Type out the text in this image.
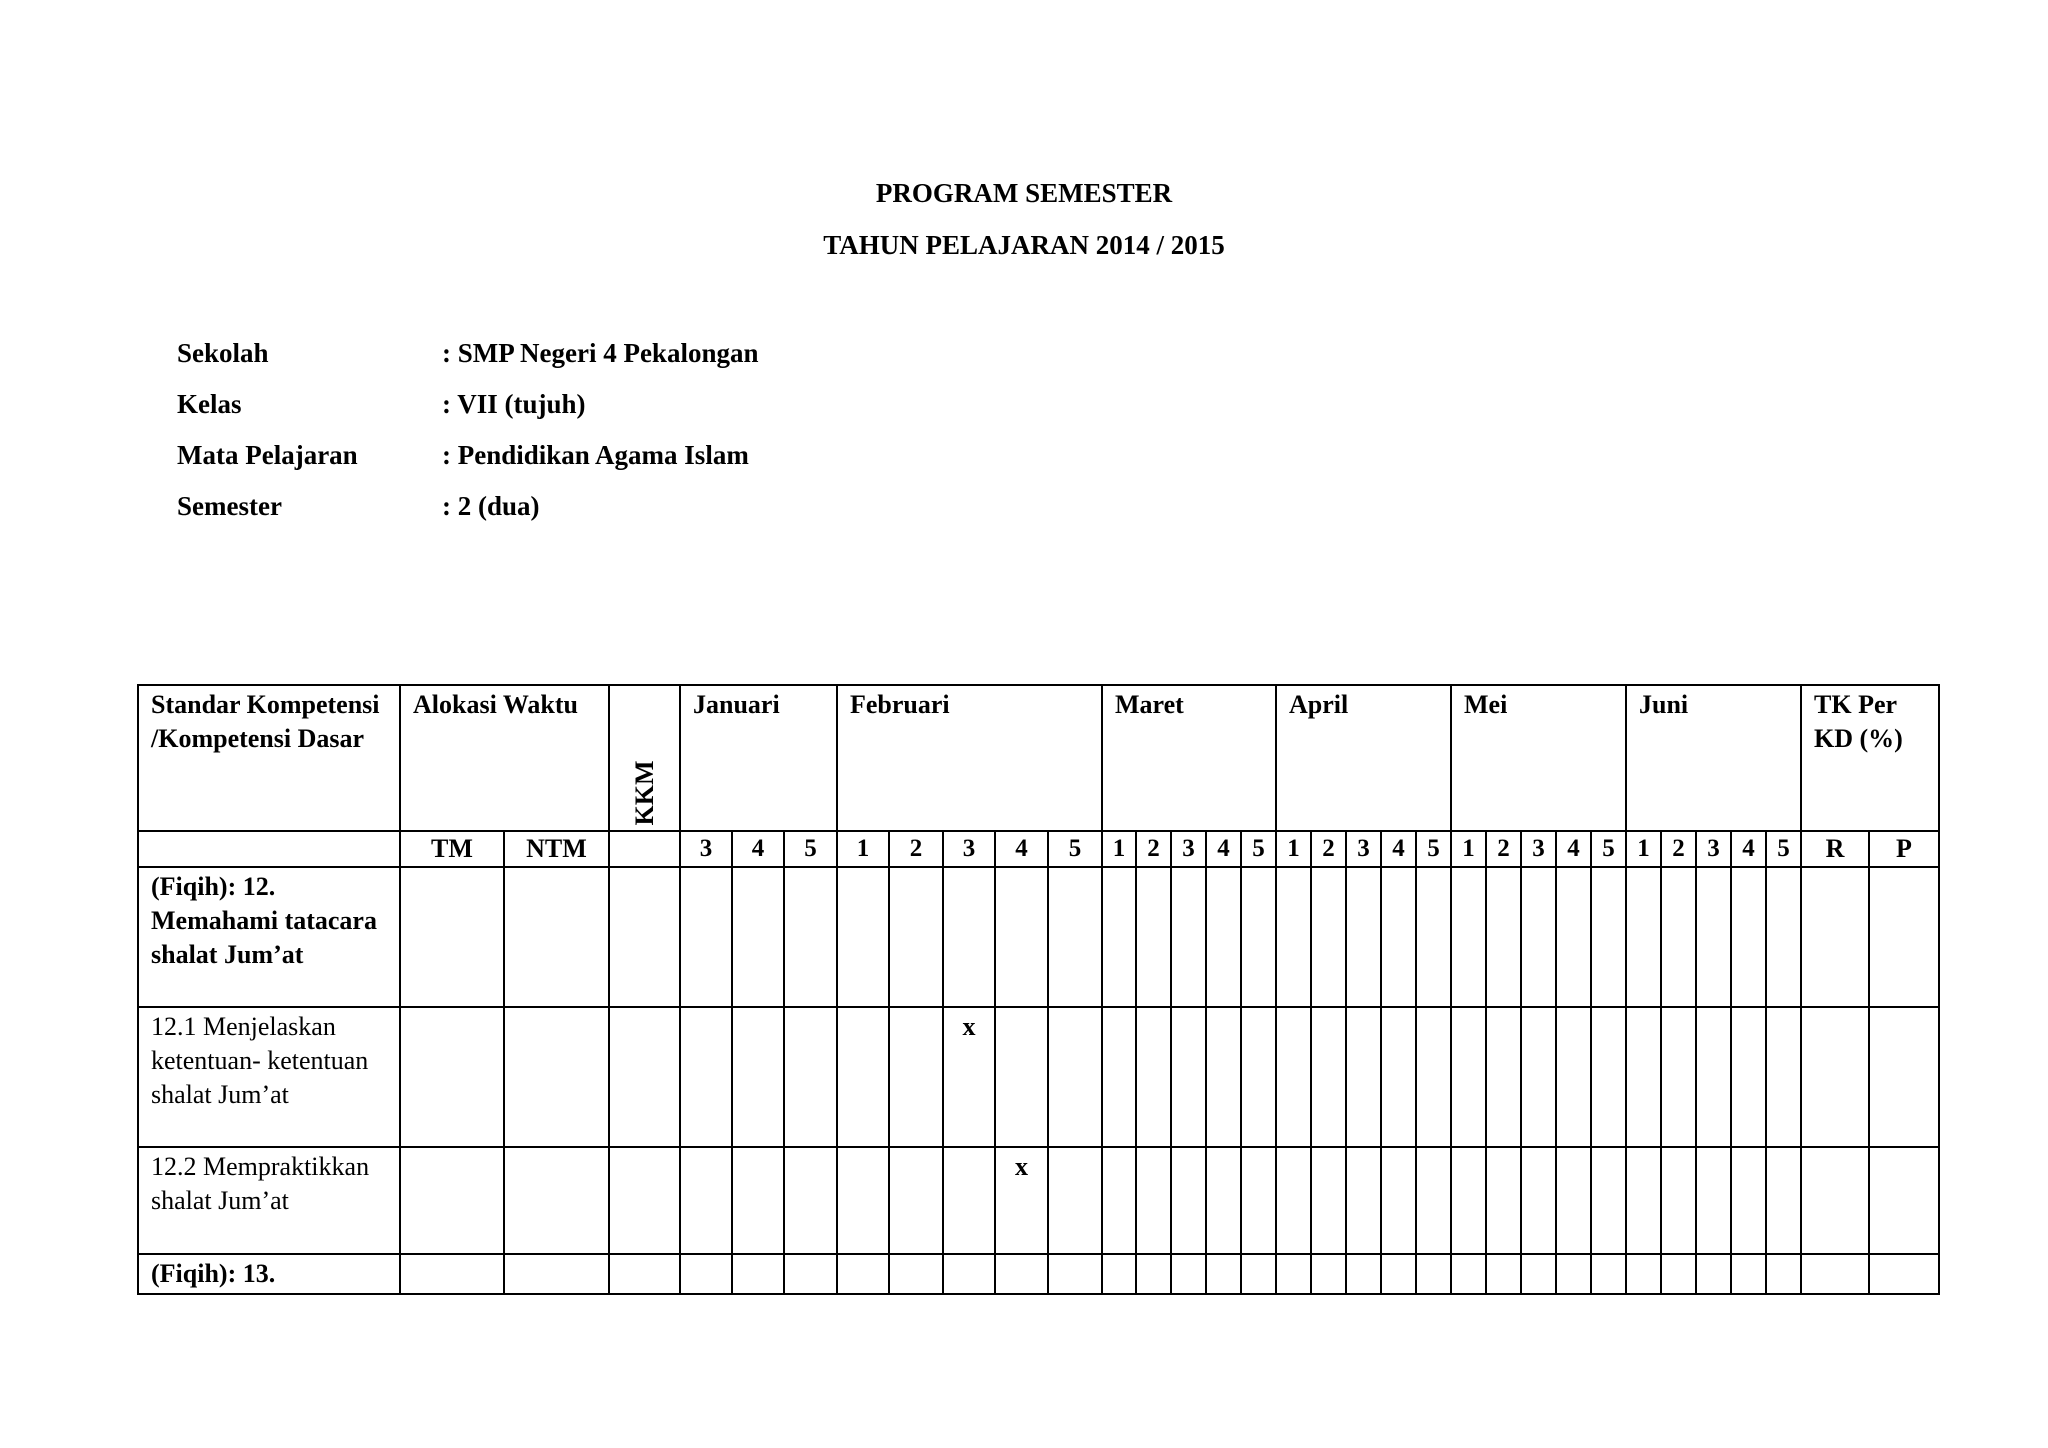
PROGRAM SEMESTER
TAHUN PELAJARAN 2014 / 2015
Sekolah	: SMP Negeri 4 Pekalongan
Kelas	: VII (tujuh)
Mata Pelajaran	: Pendidikan Agama Islam
Semester	: 2 (dua)
Standar Kompetensi /Kompetensi Dasar	Alokasi Waktu		KKM	Januari			Februari					Maret					April					Mei					Juni					TK Per KD (%)	
	TM	NTM		3	4	5	1	2	3	4	5	1	2	3	4	5	1	2	3	4	5	1	2	3	4	5	1	2	3	4	5	R	P
(Fiqih): 12. Memahami tatacara shalat Jum’at																																	
12.1 Menjelaskan ketentuan- ketentuan shalat Jum’at									x																								
12.2 Mempraktikkan shalat Jum’at										x																							
(Fiqih): 13.																																	
